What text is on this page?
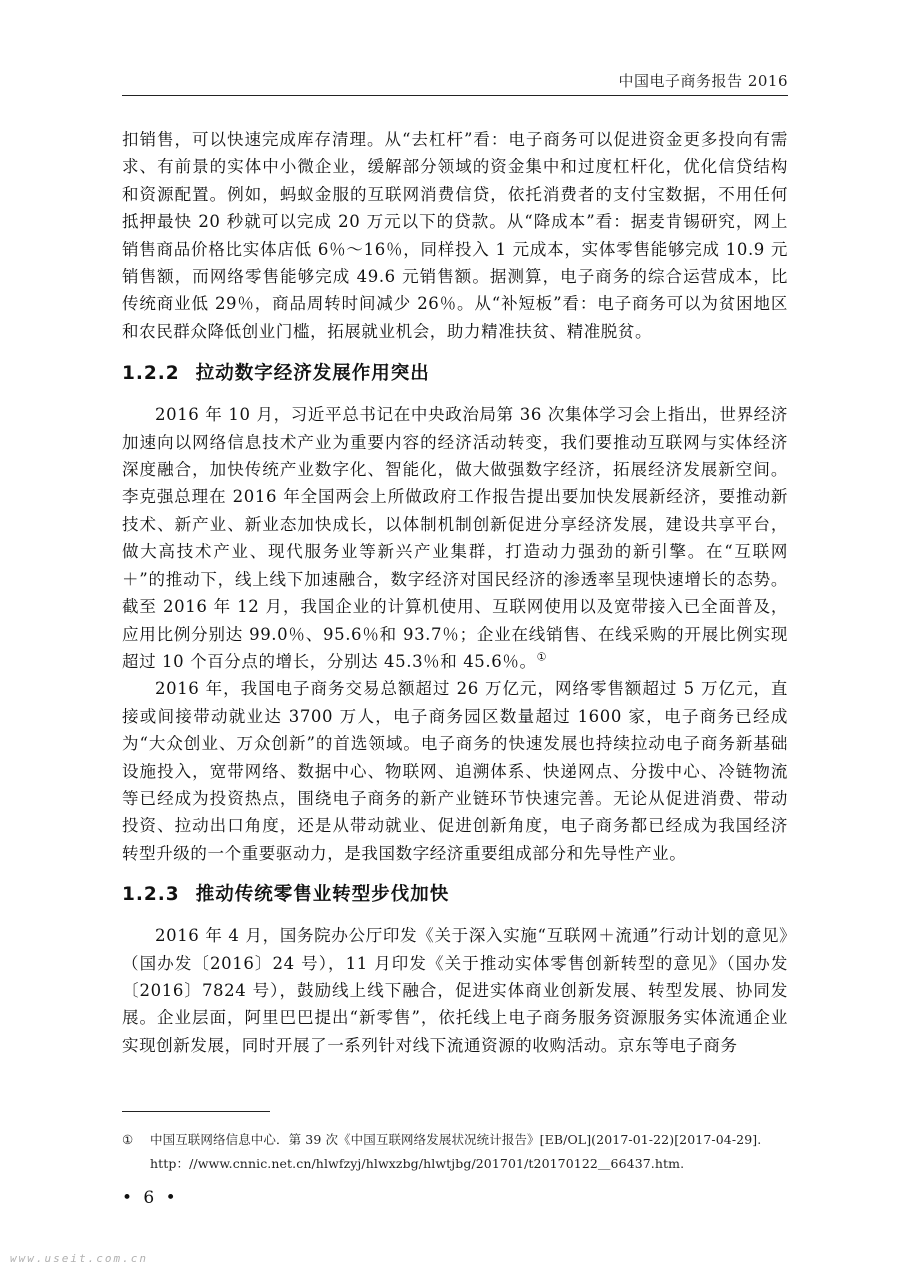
中国电子商务报告 2016

扣销售，可以快速完成库存清理。从“去杠杆”看：电子商务可以促进资金更多投向有需求、有前景的实体中小微企业，缓解部分领域的资金集中和过度杠杆化，优化信贷结构和资源配置。例如，蚂蚁金服的互联网消费信贷，依托消费者的支付宝数据，不用任何抵押最快 20 秒就可以完成 20 万元以下的贷款。从“降成本”看：据麦肯锡研究，网上销售商品价格比实体店低 6％～16％，同样投入 1 元成本，实体零售能够完成 10.9 元销售额，而网络零售能够完成 49.6 元销售额。据测算，电子商务的综合运营成本，比传统商业低 29％，商品周转时间减少 26％。从“补短板”看：电子商务可以为贫困地区和农民群众降低创业门槛，拓展就业机会，助力精准扶贫、精准脱贫。

1.2.2 拉动数字经济发展作用突出

2016 年 10 月，习近平总书记在中央政治局第 36 次集体学习会上指出，世界经济加速向以网络信息技术产业为重要内容的经济活动转变，我们要推动互联网与实体经济深度融合，加快传统产业数字化、智能化，做大做强数字经济，拓展经济发展新空间。李克强总理在 2016 年全国两会上所做政府工作报告提出要加快发展新经济，要推动新技术、新产业、新业态加快成长，以体制机制创新促进分享经济发展，建设共享平台，做大高技术产业、现代服务业等新兴产业集群，打造动力强劲的新引擎。在“互联网＋”的推动下，线上线下加速融合，数字经济对国民经济的渗透率呈现快速增长的态势。截至 2016 年 12 月，我国企业的计算机使用、互联网使用以及宽带接入已全面普及，应用比例分别达 99.0％、95.6％和 93.7％；企业在线销售、在线采购的开展比例实现超过 10 个百分点的增长，分别达 45.3％和 45.6％。①

2016 年，我国电子商务交易总额超过 26 万亿元，网络零售额超过 5 万亿元，直接或间接带动就业达 3700 万人，电子商务园区数量超过 1600 家，电子商务已经成为“大众创业、万众创新”的首选领域。电子商务的快速发展也持续拉动电子商务新基础设施投入，宽带网络、数据中心、物联网、追溯体系、快递网点、分拨中心、冷链物流等已经成为投资热点，围绕电子商务的新产业链环节快速完善。无论从促进消费、带动投资、拉动出口角度，还是从带动就业、促进创新角度，电子商务都已经成为我国经济转型升级的一个重要驱动力，是我国数字经济重要组成部分和先导性产业。

1.2.3 推动传统零售业转型步伐加快

2016 年 4 月，国务院办公厅印发《关于深入实施“互联网＋流通”行动计划的意见》（国办发〔2016〕24 号），11 月印发《关于推动实体零售创新转型的意见》（国办发〔2016〕7824 号），鼓励线上线下融合，促进实体商业创新发展、转型发展、协同发展。企业层面，阿里巴巴提出“新零售”，依托线上电子商务服务资源服务实体流通企业实现创新发展，同时开展了一系列针对线下流通资源的收购活动。京东等电子商务

① 中国互联网络信息中心．第 39 次《中国互联网络发展状况统计报告》[EB/OL](2017-01-22)[2017-04-29].
http：//www.cnnic.net.cn/hlwfzyj/hlwxzbg/hlwtjbg/201701/t20170122＿66437.htm.
• 6 •
www.useit.com.cn
